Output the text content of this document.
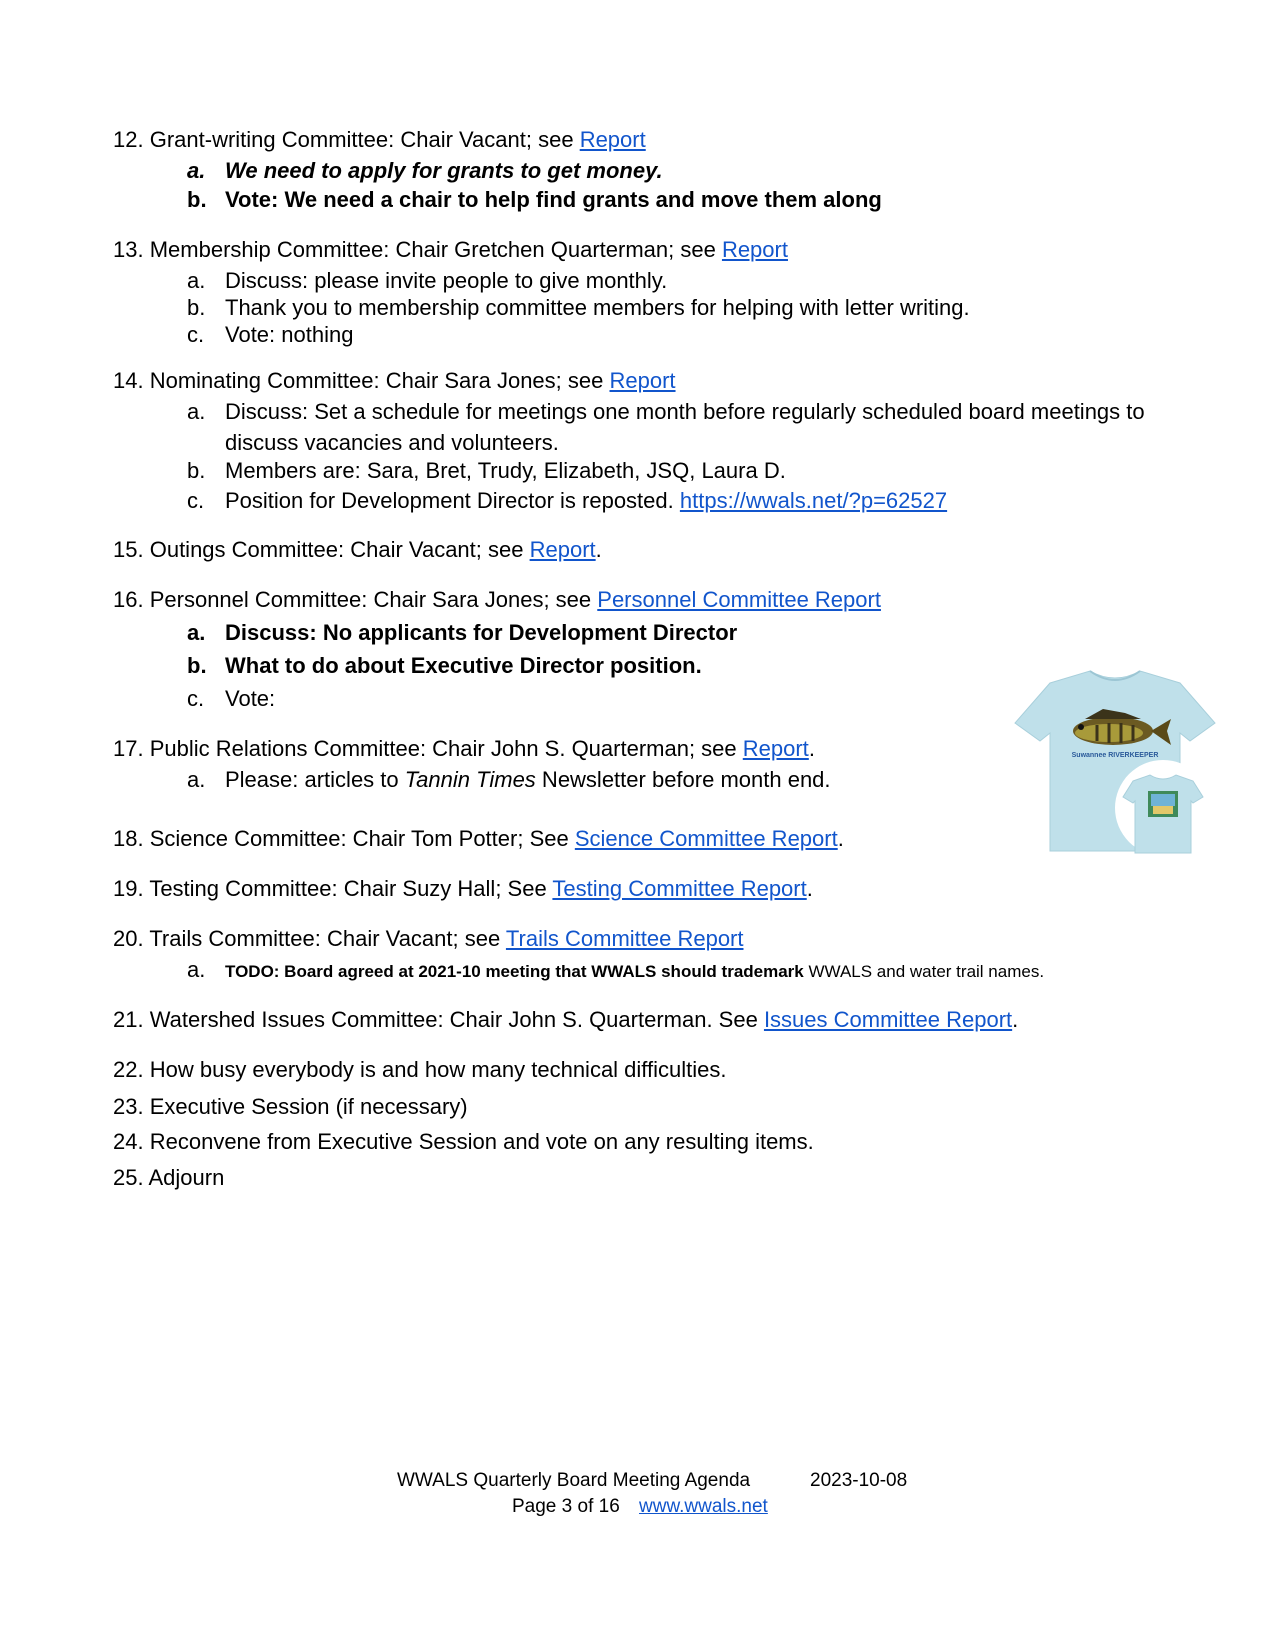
12. Grant-writing Committee: Chair Vacant; see Report
a. We need to apply for grants to get money.
b. Vote: We need a chair to help find grants and move them along
13. Membership Committee: Chair Gretchen Quarterman; see Report
a. Discuss: please invite people to give monthly.
b. Thank you to membership committee members for helping with letter writing.
c. Vote: nothing
14. Nominating Committee: Chair Sara Jones; see Report
a. Discuss: Set a schedule for meetings one month before regularly scheduled board meetings to discuss vacancies and volunteers.
b. Members are: Sara, Bret, Trudy, Elizabeth, JSQ, Laura D.
c. Position for Development Director is reposted. https://wwals.net/?p=62527
15. Outings Committee: Chair Vacant; see Report.
16. Personnel Committee: Chair Sara Jones; see Personnel Committee Report
a. Discuss: No applicants for Development Director
b. What to do about Executive Director position.
c. Vote:
17. Public Relations Committee: Chair John S. Quarterman; see Report.
a. Please: articles to Tannin Times Newsletter before month end.
18. Science Committee: Chair Tom Potter; See Science Committee Report.
19. Testing Committee: Chair Suzy Hall; See Testing Committee Report.
20. Trails Committee: Chair Vacant; see Trails Committee Report
a. TODO: Board agreed at 2021-10 meeting that WWALS should trademark WWALS and water trail names.
21. Watershed Issues Committee: Chair John S. Quarterman. See Issues Committee Report.
22. How busy everybody is and how many technical difficulties.
23. Executive Session (if necessary)
24. Reconvene from Executive Session and vote on any resulting items.
25. Adjourn
Suwannee RIVERKEEPER
WWALS Quarterly Board Meeting Agenda	2023-10-08
Page 3 of 16 www.wwals.net
